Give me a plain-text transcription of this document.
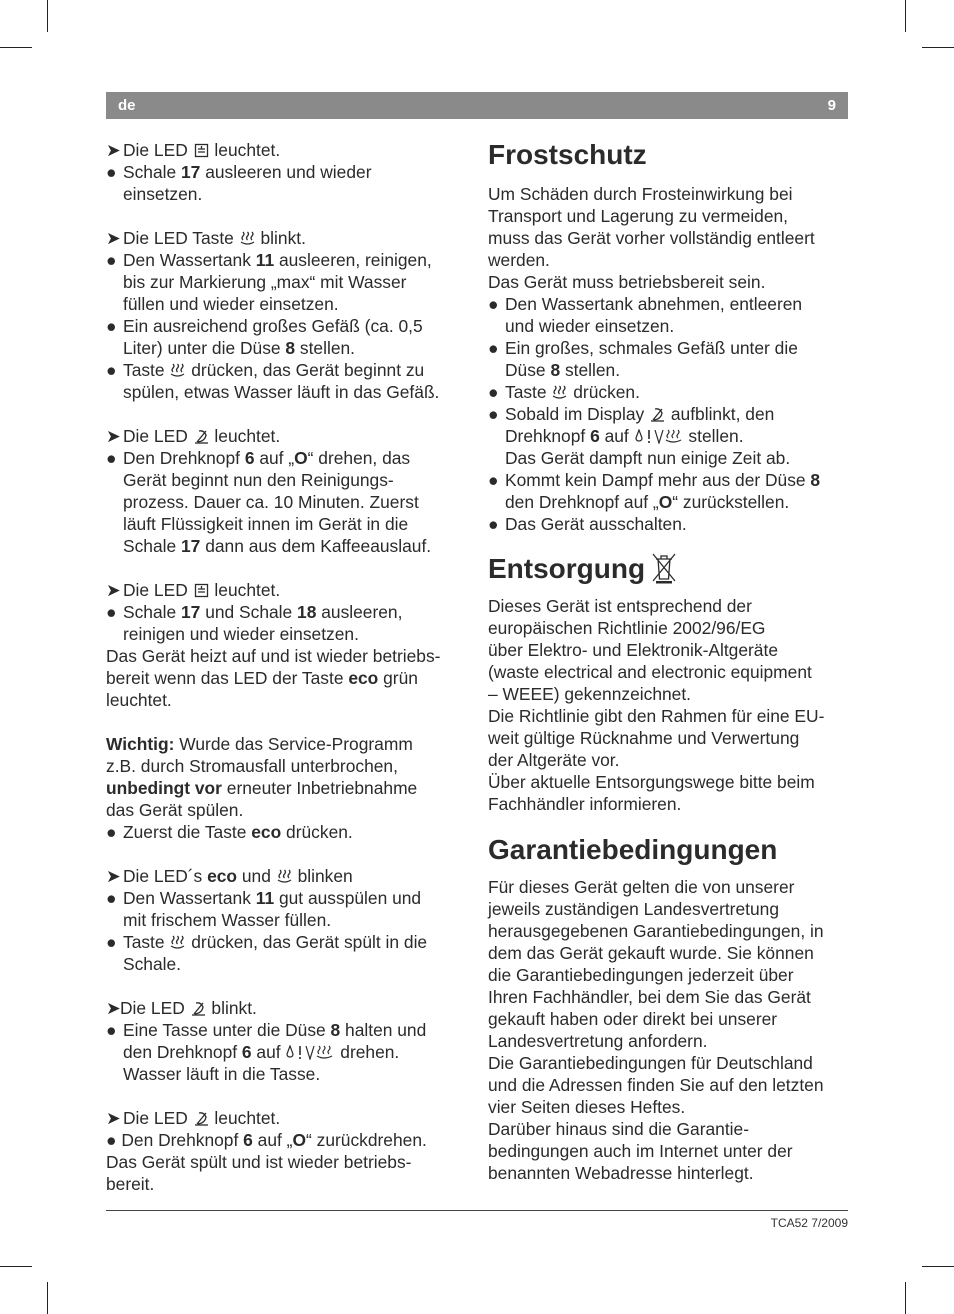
de	9
➤ Die LED
leuchtet.
● Schale 17 ausleeren und wieder
einsetzen.
➤ Die LED Taste
blinkt.
● Den Wassertank 11 ausleeren, reinigen,
bis zur Markierung „max“ mit Wasser
füllen und wieder einsetzen.
● Ein ausreichend großes Gefäß (ca. 0,5
Liter) unter die Düse 8 stellen.
● Taste
drücken, das Gerät beginnt zu
spülen, etwas Wasser läuft in das Gefäß.
➤ Die LED
leuchtet.
● Den Drehknopf 6 auf „O“ drehen, das
Gerät beginnt nun den Reinigungs-
prozess. Dauer ca. 10 Minuten. Zuerst
läuft Flüssigkeit innen im Gerät in die
Schale 17 dann aus dem Kaffeeauslauf.
➤ Die LED
leuchtet.
● Schale 17 und Schale 18 ausleeren,
reinigen und wieder einsetzen.
Das Gerät heizt auf und ist wieder betriebs-
bereit wenn das LED der Taste eco grün
leuchtet.
Wichtig: Wurde das Service-Programm
z.B. durch Stromausfall unterbrochen,
unbedingt vor erneuter Inbetriebnahme
das Gerät spülen.
● Zuerst die Taste eco drücken.
➤ Die LED´s eco und
blinken
● Den Wassertank 11 gut ausspülen und
mit frischem Wasser füllen.
● Taste
drücken, das Gerät spült in die
Schale.
➤Die LED
blinkt.
● Eine Tasse unter die Düse 8 halten und
den Drehknopf 6 auf	drehen.
Wasser läuft in die Tasse.
➤ Die LED
leuchtet.
● Den Drehknopf 6 auf „O“ zurückdrehen.
Das Gerät spült und ist wieder betriebs-
bereit.
Frostschutz
Um Schäden durch Frosteinwirkung bei
Transport und Lagerung zu vermeiden,
muss das Gerät vorher vollständig entleert
werden.
Das Gerät muss betriebsbereit sein.
● Den Wassertank abnehmen, entleeren
und wieder einsetzen.
● Ein großes, schmales Gefäß unter die
Düse 8 stellen.
● Taste
drücken.
● Sobald im Display
aufblinkt, den
Drehknopf 6 auf	stellen.
Das Gerät dampft nun einige Zeit ab.
● Kommt kein Dampf mehr aus der Düse 8
den Drehknopf auf „O“ zurückstellen.
● Das Gerät ausschalten.
Entsorgung
Dieses Gerät ist entsprechend der
europäischen Richtlinie 2002/96/EG
über Elektro- und Elektronik-Altgeräte
(waste electrical and electronic equipment
– WEEE) gekennzeichnet.
Die Richtlinie gibt den Rahmen für eine EU-
weit gültige Rücknahme und Verwertung
der Altgeräte vor.
Über aktuelle Entsorgungswege bitte beim
Fachhändler informieren.
Garantiebedingungen
Für dieses Gerät gelten die von unserer
jeweils zuständigen Landesvertretung
herausgegebenen Garantiebedingungen, in
dem das Gerät gekauft wurde. Sie können
die Garantiebedingungen jederzeit über
Ihren Fachhändler, bei dem Sie das Gerät
gekauft haben oder direkt bei unserer
Landesvertretung anfordern.
Die Garantiebedingungen für Deutschland
und die Adressen finden Sie auf den letzten
vier Seiten dieses Heftes.
Darüber hinaus sind die Garantie-
bedingungen auch im Internet unter der
benannten Webadresse hinterlegt.
TCA52 7/2009
